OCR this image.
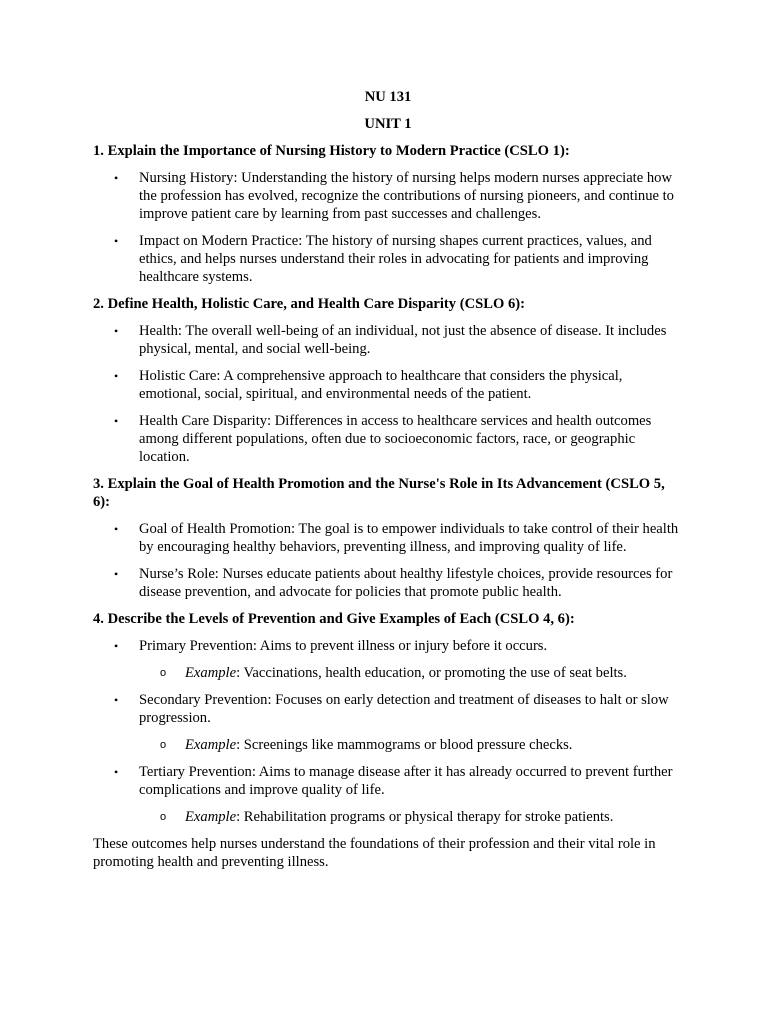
NU 131
UNIT 1
1. Explain the Importance of Nursing History to Modern Practice (CSLO 1):
• Nursing History: Understanding the history of nursing helps modern nurses appreciate how the profession has evolved, recognize the contributions of nursing pioneers, and continue to improve patient care by learning from past successes and challenges.
• Impact on Modern Practice: The history of nursing shapes current practices, values, and ethics, and helps nurses understand their roles in advocating for patients and improving healthcare systems.
2. Define Health, Holistic Care, and Health Care Disparity (CSLO 6):
• Health: The overall well-being of an individual, not just the absence of disease. It includes physical, mental, and social well-being.
• Holistic Care: A comprehensive approach to healthcare that considers the physical, emotional, social, spiritual, and environmental needs of the patient.
• Health Care Disparity: Differences in access to healthcare services and health outcomes among different populations, often due to socioeconomic factors, race, or geographic location.
3. Explain the Goal of Health Promotion and the Nurse's Role in Its Advancement (CSLO 5, 6):
• Goal of Health Promotion: The goal is to empower individuals to take control of their health by encouraging healthy behaviors, preventing illness, and improving quality of life.
• Nurse’s Role: Nurses educate patients about healthy lifestyle choices, provide resources for disease prevention, and advocate for policies that promote public health.
4. Describe the Levels of Prevention and Give Examples of Each (CSLO 4, 6):
• Primary Prevention: Aims to prevent illness or injury before it occurs.
o Example: Vaccinations, health education, or promoting the use of seat belts.
• Secondary Prevention: Focuses on early detection and treatment of diseases to halt or slow progression.
o Example: Screenings like mammograms or blood pressure checks.
• Tertiary Prevention: Aims to manage disease after it has already occurred to prevent further complications and improve quality of life.
o Example: Rehabilitation programs or physical therapy for stroke patients.

These outcomes help nurses understand the foundations of their profession and their vital role in promoting health and preventing illness.
